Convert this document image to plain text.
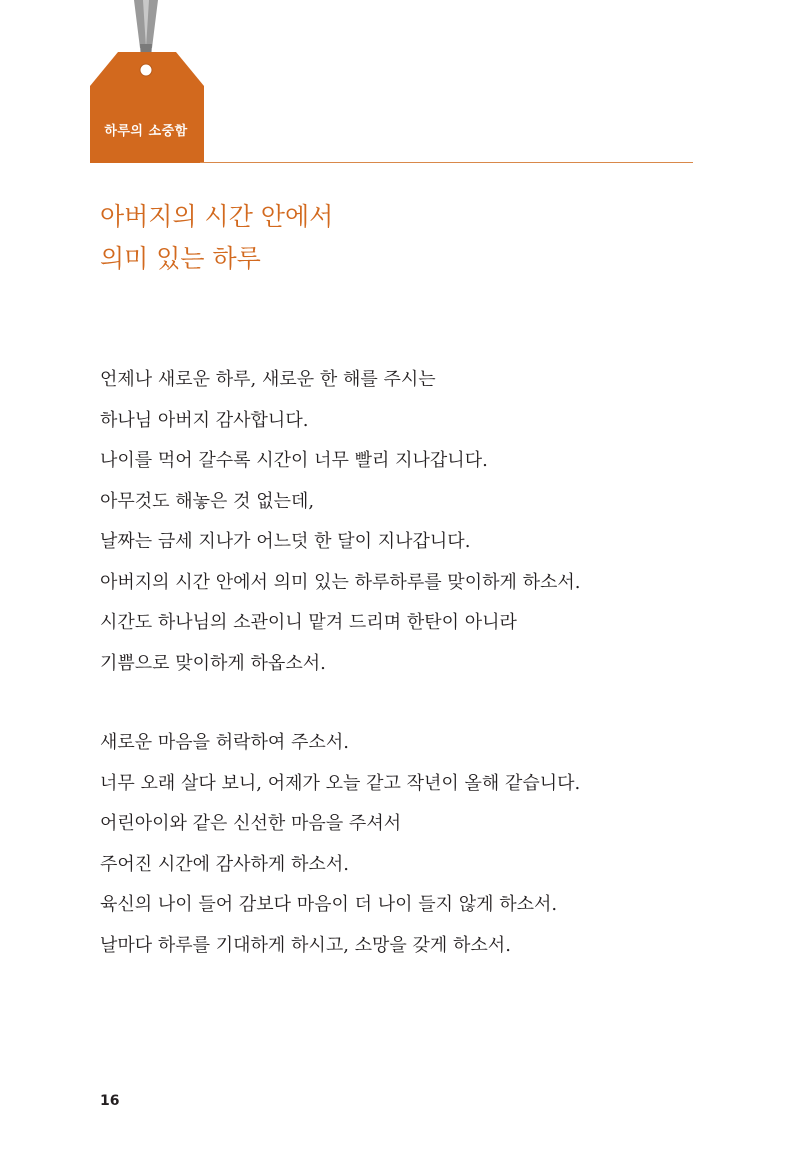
하루의 소중함
아버지의 시간 안에서
의미 있는 하루

언제나 새로운 하루, 새로운 한 해를 주시는

하나님 아버지 감사합니다.

나이를 먹어 갈수록 시간이 너무 빨리 지나갑니다.

아무것도 해놓은 것 없는데,

날짜는 금세 지나가 어느덧 한 달이 지나갑니다.

아버지의 시간 안에서 의미 있는 하루하루를 맞이하게 하소서.

시간도 하나님의 소관이니 맡겨 드리며 한탄이 아니라

기쁨으로 맞이하게 하옵소서.

새로운 마음을 허락하여 주소서.

너무 오래 살다 보니, 어제가 오늘 같고 작년이 올해 같습니다.

어린아이와 같은 신선한 마음을 주셔서

주어진 시간에 감사하게 하소서.

육신의 나이 들어 감보다 마음이 더 나이 들지 않게 하소서.

날마다 하루를 기대하게 하시고, 소망을 갖게 하소서.

16
